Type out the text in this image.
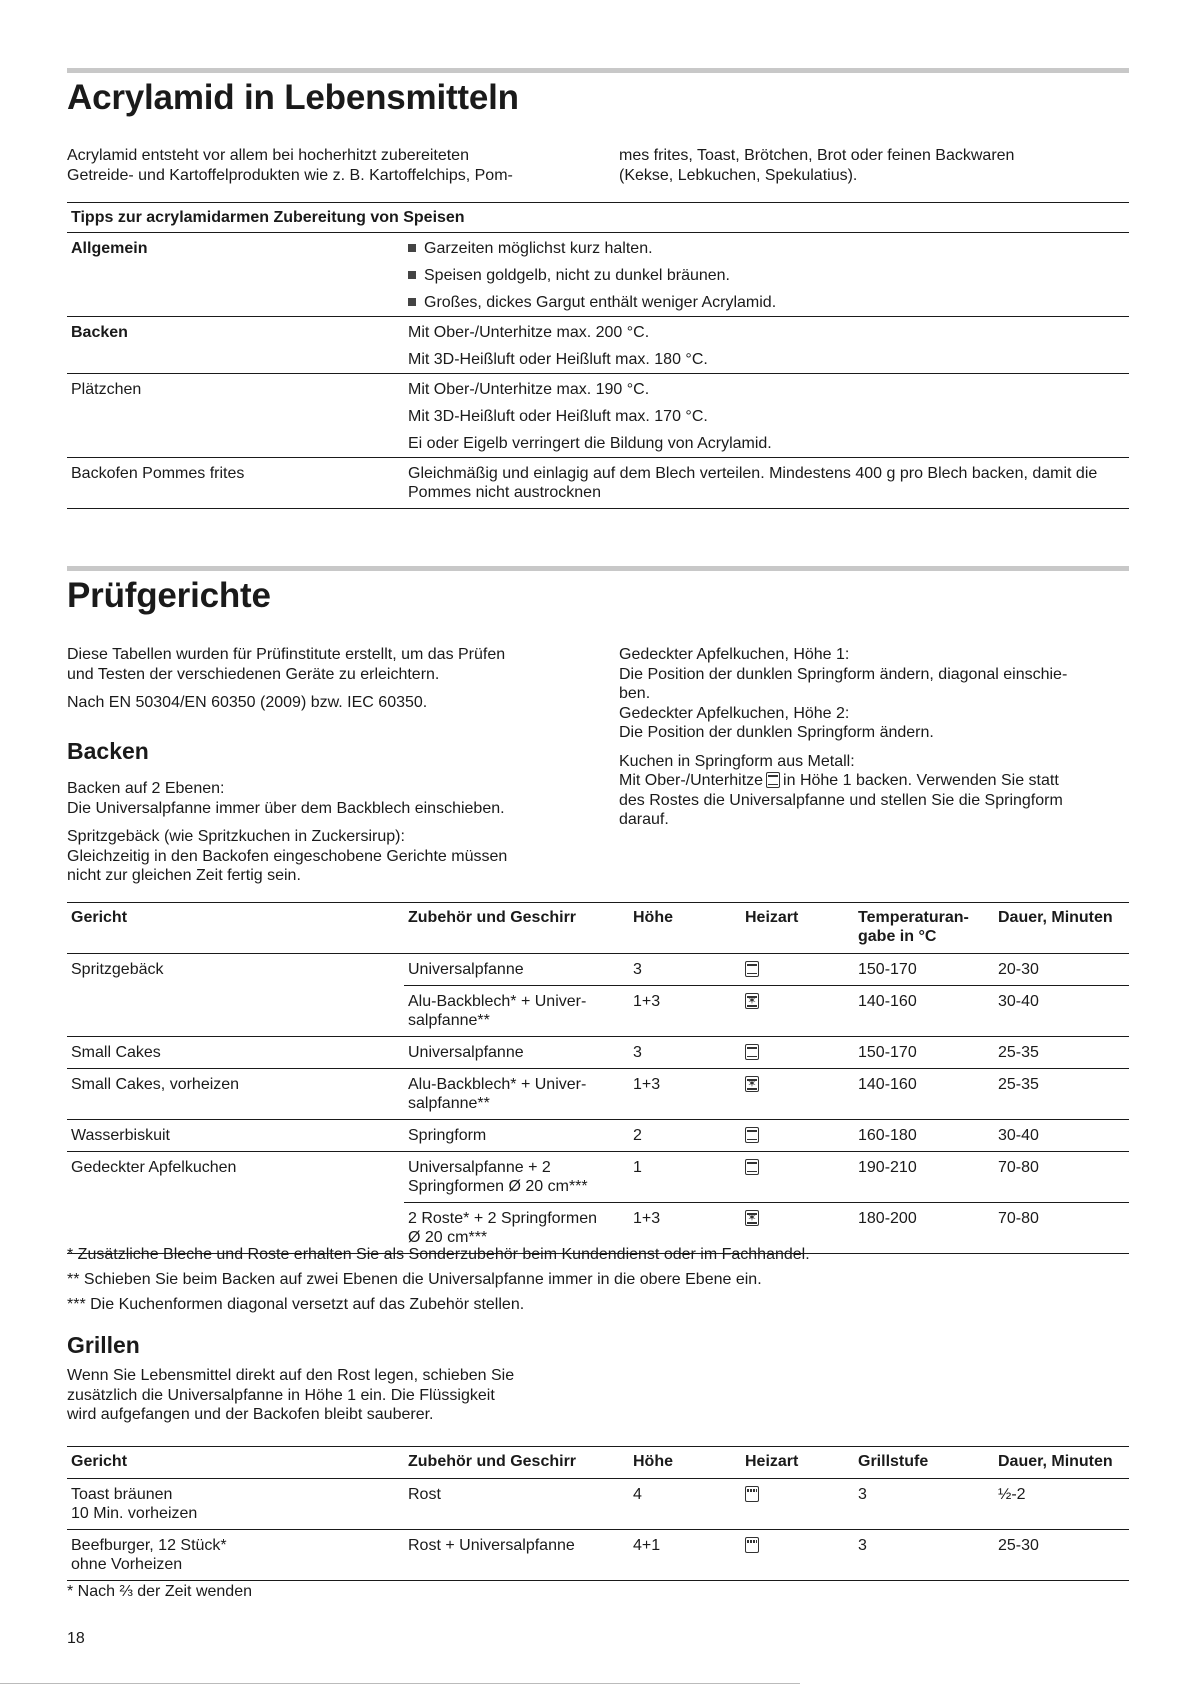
Acrylamid in Lebensmitteln
Acrylamid entsteht vor allem bei hocherhitzt zubereiteten
Getreide- und Kartoffelprodukten wie z. B. Kartoffelchips, Pom-
mes frites, Toast, Brötchen, Brot oder feinen Backwaren
(Kekse, Lebkuchen, Spekulatius).
Tipps zur acrylamidarmen Zubereitung von Speisen	
Allgemein	Garzeiten möglichst kurz halten.
	Speisen goldgelb, nicht zu dunkel bräunen.
	Großes, dickes Gargut enthält weniger Acrylamid.
Backen	Mit Ober-/Unterhitze max. 200 °C.
	Mit 3D-Heißluft oder Heißluft max. 180 °C.
Plätzchen	Mit Ober-/Unterhitze max. 190 °C.
	Mit 3D-Heißluft oder Heißluft max. 170 °C.
	Ei oder Eigelb verringert die Bildung von Acrylamid.
Backofen Pommes frites	Gleichmäßig und einlagig auf dem Blech verteilen. Mindestens 400 g pro Blech backen, damit die Pommes nicht austrocknen
Prüfgerichte

Diese Tabellen wurden für Prüfinstitute erstellt, um das Prüfen
und Testen der verschiedenen Geräte zu erleichtern.

Nach EN 50304/EN 60350 (2009) bzw. IEC 60350.

Backen

Backen auf 2 Ebenen:
Die Universalpfanne immer über dem Backblech einschieben.

Spritzgebäck (wie Spritzkuchen in Zuckersirup):
Gleichzeitig in den Backofen eingeschobene Gerichte müssen
nicht zur gleichen Zeit fertig sein.

Gedeckter Apfelkuchen, Höhe 1:
Die Position der dunklen Springform ändern, diagonal einschie-
ben.
Gedeckter Apfelkuchen, Höhe 2:
Die Position der dunklen Springform ändern.

Kuchen in Springform aus Metall:
Mit Ober-/Unterhitze in Höhe 1 backen. Verwenden Sie statt
des Rostes die Universalpfanne und stellen Sie die Springform
darauf.

Gericht	Zubehör und Geschirr	Höhe	Heizart	Temperaturan-
gabe in °C	Dauer, Minuten
Spritzgebäck	Universalpfanne	3		150-170	20-30
	Alu-Backblech* + Univer-
salpfanne**	1+3	✶	140-160	30-40
Small Cakes	Universalpfanne	3		150-170	25-35
Small Cakes, vorheizen	Alu-Backblech* + Univer-
salpfanne**	1+3	✶	140-160	25-35
Wasserbiskuit	Springform	2		160-180	30-40
Gedeckter Apfelkuchen	Universalpfanne + 2
Springformen Ø 20 cm***	1		190-210	70-80
	2 Roste* + 2 Springformen
Ø 20 cm***	1+3	✶	180-200	70-80
* Zusätzliche Bleche und Roste erhalten Sie als Sonderzubehör beim Kundendienst oder im Fachhandel.
** Schieben Sie beim Backen auf zwei Ebenen die Universalpfanne immer in die obere Ebene ein.
*** Die Kuchenformen diagonal versetzt auf das Zubehör stellen.
Grillen
Wenn Sie Lebensmittel direkt auf den Rost legen, schieben Sie
zusätzlich die Universalpfanne in Höhe 1 ein. Die Flüssigkeit
wird aufgefangen und der Backofen bleibt sauberer.
Gericht	Zubehör und Geschirr	Höhe	Heizart	Grillstufe	Dauer, Minuten
Toast bräunen
10 Min. vorheizen	Rost	4		3	½-2
Beefburger, 12 Stück*
ohne Vorheizen	Rost + Universalpfanne	4+1		3	25-30
* Nach ⅔ der Zeit wenden
18
